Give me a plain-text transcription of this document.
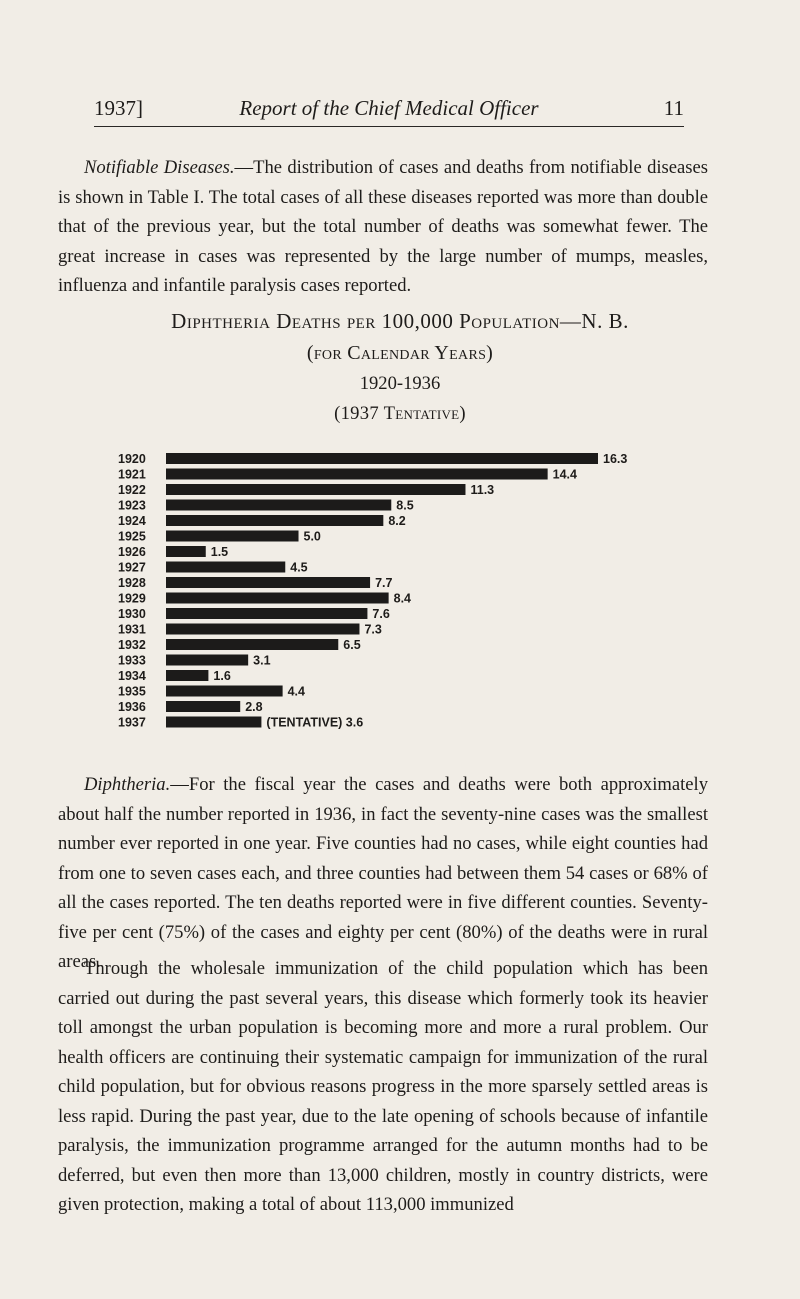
1937]	Report of the Chief Medical Officer	11

Notifiable Diseases.—The distribution of cases and deaths from notifiable diseases is shown in Table I. The total cases of all these diseases reported was more than double that of the previous year, but the total number of deaths was somewhat fewer. The great increase in cases was represented by the large number of mumps, measles, influenza and infantile paralysis cases reported.

Diphtheria Deaths per 100,000 Population—N. B.
(for Calendar Years)
1920-1936
(1937 Tentative)
1920	16.3
1921	14.4
1922	11.3
1923	8.5
1924	8.2
1925	5.0
1926	1.5
1927	4.5
1928	7.7
1929	8.4
1930	7.6
1931	7.3
1932	6.5
1933	3.1
1934	1.6
1935	4.4
1936	2.8
1937	(TENTATIVE) 3.6

Diphtheria.—For the fiscal year the cases and deaths were both approximately about half the number reported in 1936, in fact the seventy-nine cases was the smallest number ever reported in one year. Five counties had no cases, while eight counties had from one to seven cases each, and three counties had between them 54 cases or 68% of all the cases reported. The ten deaths reported were in five different counties. Seventy-five per cent (75%) of the cases and eighty per cent (80%) of the deaths were in rural areas.

Through the wholesale immunization of the child population which has been carried out during the past several years, this disease which formerly took its heavier toll amongst the urban population is becoming more and more a rural problem. Our health officers are continuing their systematic campaign for immunization of the rural child population, but for obvious reasons progress in the more sparsely settled areas is less rapid. During the past year, due to the late opening of schools because of infantile paralysis, the immunization programme arranged for the autumn months had to be deferred, but even then more than 13,000 children, mostly in country districts, were given protection, making a total of about 113,000 immunized
